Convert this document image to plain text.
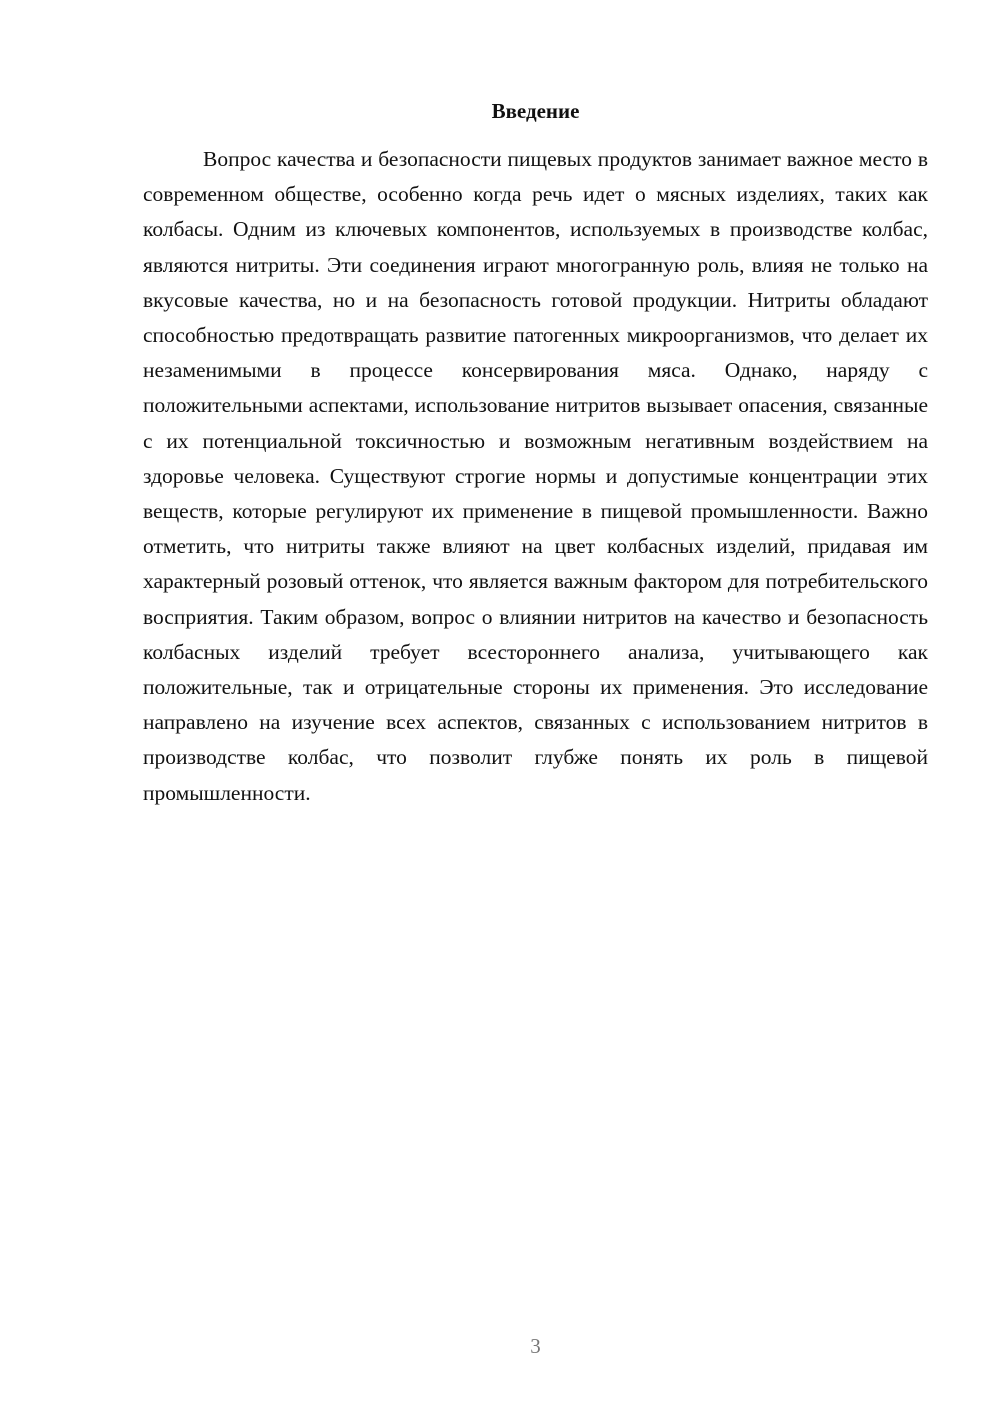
Введение

Вопрос качества и безопасности пищевых продуктов занимает важное место в современном обществе, особенно когда речь идет о мясных изделиях, таких как колбасы. Одним из ключевых компонентов, используемых в производстве колбас, являются нитриты. Эти соединения играют многогранную роль, влияя не только на вкусовые качества, но и на безопасность готовой продукции. Нитриты обладают способностью предотвращать развитие патогенных микроорганизмов, что делает их незаменимыми в процессе консервирования мяса. Однако, наряду с положительными аспектами, использование нитритов вызывает опасения, связанные с их потенциальной токсичностью и возможным негативным воздействием на здоровье человека. Существуют строгие нормы и допустимые концентрации этих веществ, которые регулируют их применение в пищевой промышленности. Важно отметить, что нитриты также влияют на цвет колбасных изделий, придавая им характерный розовый оттенок, что является важным фактором для потребительского восприятия. Таким образом, вопрос о влиянии нитритов на качество и безопасность колбасных изделий требует всестороннего анализа, учитывающего как положительные, так и отрицательные стороны их применения. Это исследование направлено на изучение всех аспектов, связанных с использованием нитритов в производстве колбас, что позволит глубже понять их роль в пищевой промышленности.

3
